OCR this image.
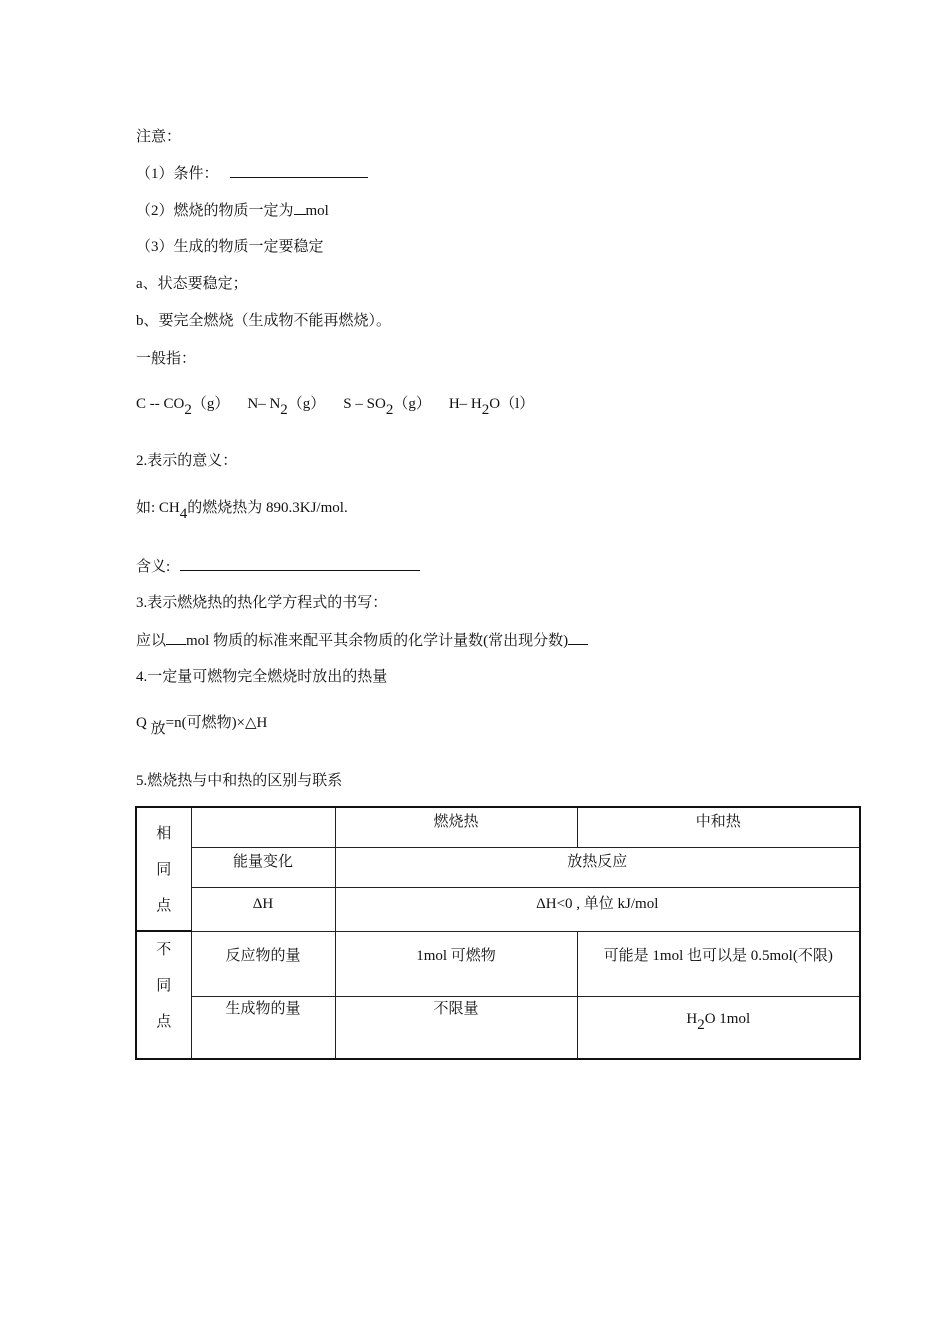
注意：
（1）条件：
（2）燃烧的物质一定为 mol
（3）生成的物质一定要稳定
a、状态要稳定；
b、要完全燃烧（生成物不能再燃烧）。
一般指：
C -- $CO_2(g)$ N– $N_2(g)$ S – $SO_2(g)$ H– $H_2O(l)$
2.表示的意义：
如: $CH_4$的燃烧热为 890.3KJ/mol.
含义:
3.表示燃烧热的热化学方程式的书写：
应以 mol 物质的标准来配平其余物质的化学计量数(常出现分数)
4.一定量可燃物完全燃烧时放出的热量
Q $_放$=n(可燃物)×△H
5.燃烧热与中和热的区别与联系
相
同
点		燃烧热	中和热

	能量变化	放热反应	

	ΔH	ΔH<0 , 单位 kJ/mol	

不
同
点	反应物的量	1mol 可燃物	可能是 1mol 也可以是 0.5mol(不限)

	生成物的量	不限量	$H_2O$ 1mol
